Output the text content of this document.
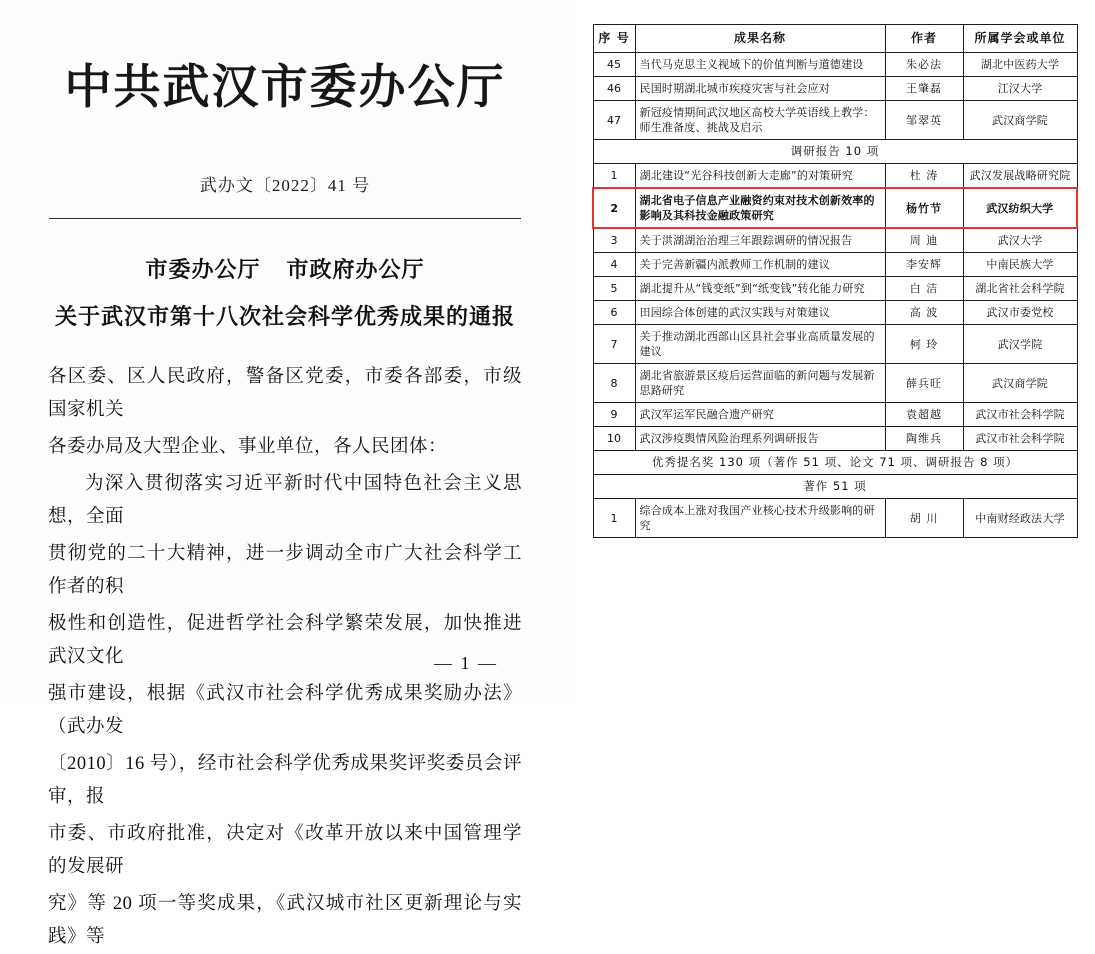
中共武汉市委办公厅
武办文〔2022〕41 号
市委办公厅 市政府办公厅
关于武汉市第十八次社会科学优秀成果的通报

各区委、区人民政府，警备区党委，市委各部委，市级国家机关

各委办局及大型企业、事业单位，各人民团体：

为深入贯彻落实习近平新时代中国特色社会主义思想，全面

贯彻党的二十大精神，进一步调动全市广大社会科学工作者的积

极性和创造性，促进哲学社会科学繁荣发展，加快推进武汉文化

强市建设，根据《武汉市社会科学优秀成果奖励办法》（武办发

〔2010〕16 号），经市社会科学优秀成果奖评奖委员会评审，报

市委、市政府批准，决定对《改革开放以来中国管理学的发展研

究》等 20 项一等奖成果，《武汉城市社区更新理论与实践》等

— 1 —
序 号	成果名称	作者	所属学会或单位
45	当代马克思主义视域下的价值判断与道德建设	朱必法	湖北中医药大学
46	民国时期湖北城市疾疫灾害与社会应对	王肇磊	江汉大学
47	新冠疫情期间武汉地区高校大学英语线上教学：师生准备度、挑战及启示	邹翠英	武汉商学院
调研报告 10 项			
1	湖北建设“光谷科技创新大走廊”的对策研究	杜 涛	武汉发展战略研究院
2	湖北省电子信息产业融资约束对技术创新效率的影响及其科技金融政策研究	杨竹节	武汉纺织大学
3	关于洪湖湖治治理三年跟踪调研的情况报告	周 迪	武汉大学
4	关于完善新疆内派教师工作机制的建议	李安辉	中南民族大学
5	湖北提升从“钱变纸”到“纸变钱”转化能力研究	白 洁	湖北省社会科学院
6	田园综合体创建的武汉实践与对策建议	高 波	武汉市委党校
7	关于推动湖北西部山区县社会事业高质量发展的建议	柯 玲	武汉学院
8	湖北省旅游景区疫后运营面临的新问题与发展新思路研究	薛兵旺	武汉商学院
9	武汉军运军民融合遗产研究	袁超越	武汉市社会科学院
10	武汉涉疫舆情风险治理系列调研报告	陶维兵	武汉市社会科学院
优秀提名奖 130 项（著作 51 项、论文 71 项、调研报告 8 项）			
著作 51 项			
1	综合成本上涨对我国产业核心技术升级影响的研究	胡 川	中南财经政法大学
